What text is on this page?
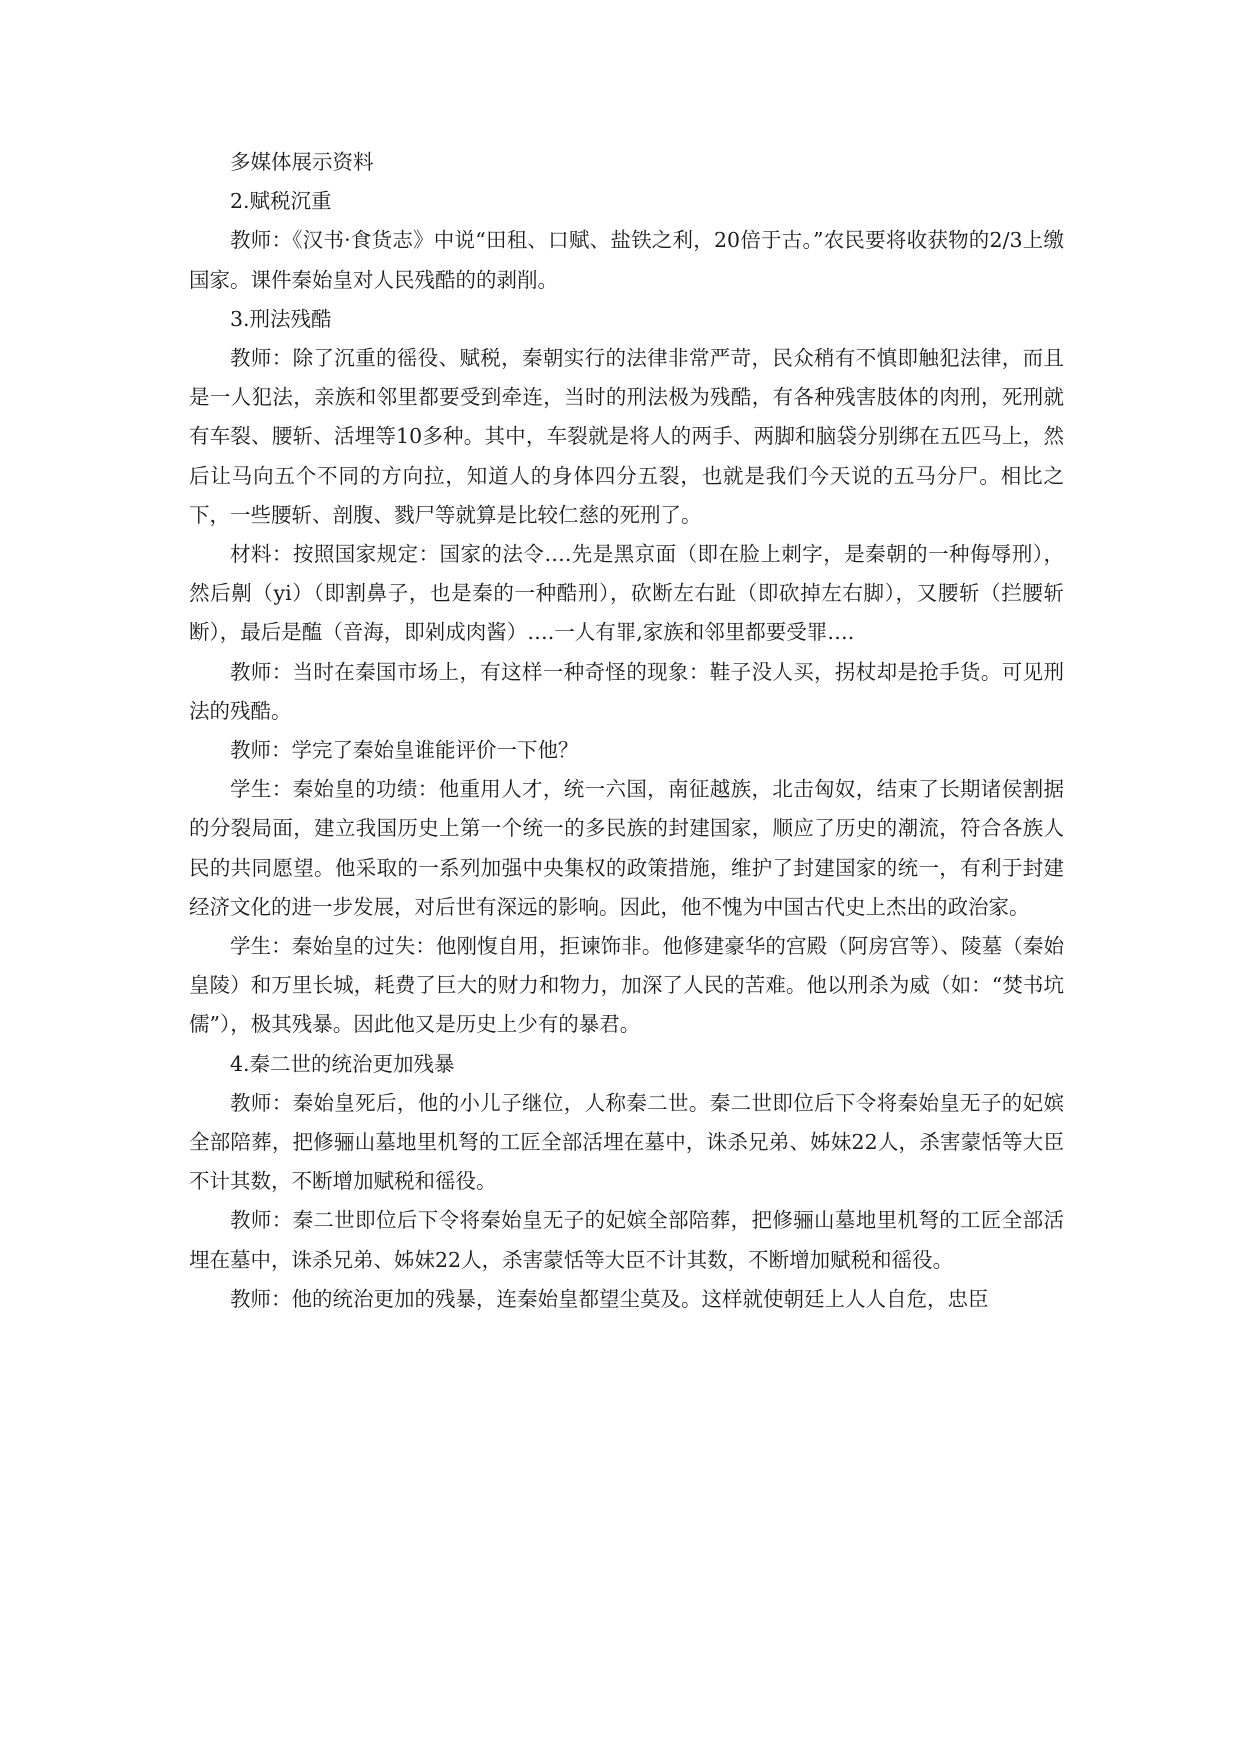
多媒体展示资料

2.赋税沉重

教师：《汉书·食货志》中说“田租、口赋、盐铁之利，20倍于古。”农民要将收获物的2/3上缴国家。课件秦始皇对人民残酷的的剥削。

3.刑法残酷

教师：除了沉重的徭役、赋税，秦朝实行的法律非常严苛，民众稍有不慎即触犯法律，而且是一人犯法，亲族和邻里都要受到牵连，当时的刑法极为残酷，有各种残害肢体的肉刑，死刑就有车裂、腰斩、活埋等10多种。其中，车裂就是将人的两手、两脚和脑袋分别绑在五匹马上，然后让马向五个不同的方向拉，知道人的身体四分五裂，也就是我们今天说的五马分尸。相比之下，一些腰斩、剖腹、戮尸等就算是比较仁慈的死刑了。

材料：按照国家规定：国家的法令….先是黑京面（即在脸上刺字，是秦朝的一种侮辱刑），然后劓（yi）（即割鼻子，也是秦的一种酷刑），砍断左右趾（即砍掉左右脚），又腰斩（拦腰斩断），最后是醢（音海，即剁成肉酱）….一人有罪,家族和邻里都要受罪….

教师：当时在秦国市场上，有这样一种奇怪的现象：鞋子没人买，拐杖却是抢手货。可见刑法的残酷。

教师：学完了秦始皇谁能评价一下他？

学生：秦始皇的功绩：他重用人才，统一六国，南征越族，北击匈奴，结束了长期诸侯割据的分裂局面，建立我国历史上第一个统一的多民族的封建国家，顺应了历史的潮流，符合各族人民的共同愿望。他采取的一系列加强中央集权的政策措施，维护了封建国家的统一，有利于封建经济文化的进一步发展，对后世有深远的影响。因此，他不愧为中国古代史上杰出的政治家。

学生：秦始皇的过失：他刚愎自用，拒谏饰非。他修建豪华的宫殿（阿房宫等）、陵墓（秦始皇陵）和万里长城，耗费了巨大的财力和物力，加深了人民的苦难。他以刑杀为威（如：“焚书坑儒”），极其残暴。因此他又是历史上少有的暴君。

4.秦二世的统治更加残暴

教师：秦始皇死后，他的小儿子继位，人称秦二世。秦二世即位后下令将秦始皇无子的妃嫔全部陪葬，把修骊山墓地里机弩的工匠全部活埋在墓中，诛杀兄弟、姊妹22人，杀害蒙恬等大臣不计其数，不断增加赋税和徭役。

教师：秦二世即位后下令将秦始皇无子的妃嫔全部陪葬，把修骊山墓地里机弩的工匠全部活埋在墓中，诛杀兄弟、姊妹22人，杀害蒙恬等大臣不计其数，不断增加赋税和徭役。

教师：他的统治更加的残暴，连秦始皇都望尘莫及。这样就使朝廷上人人自危，忠臣
